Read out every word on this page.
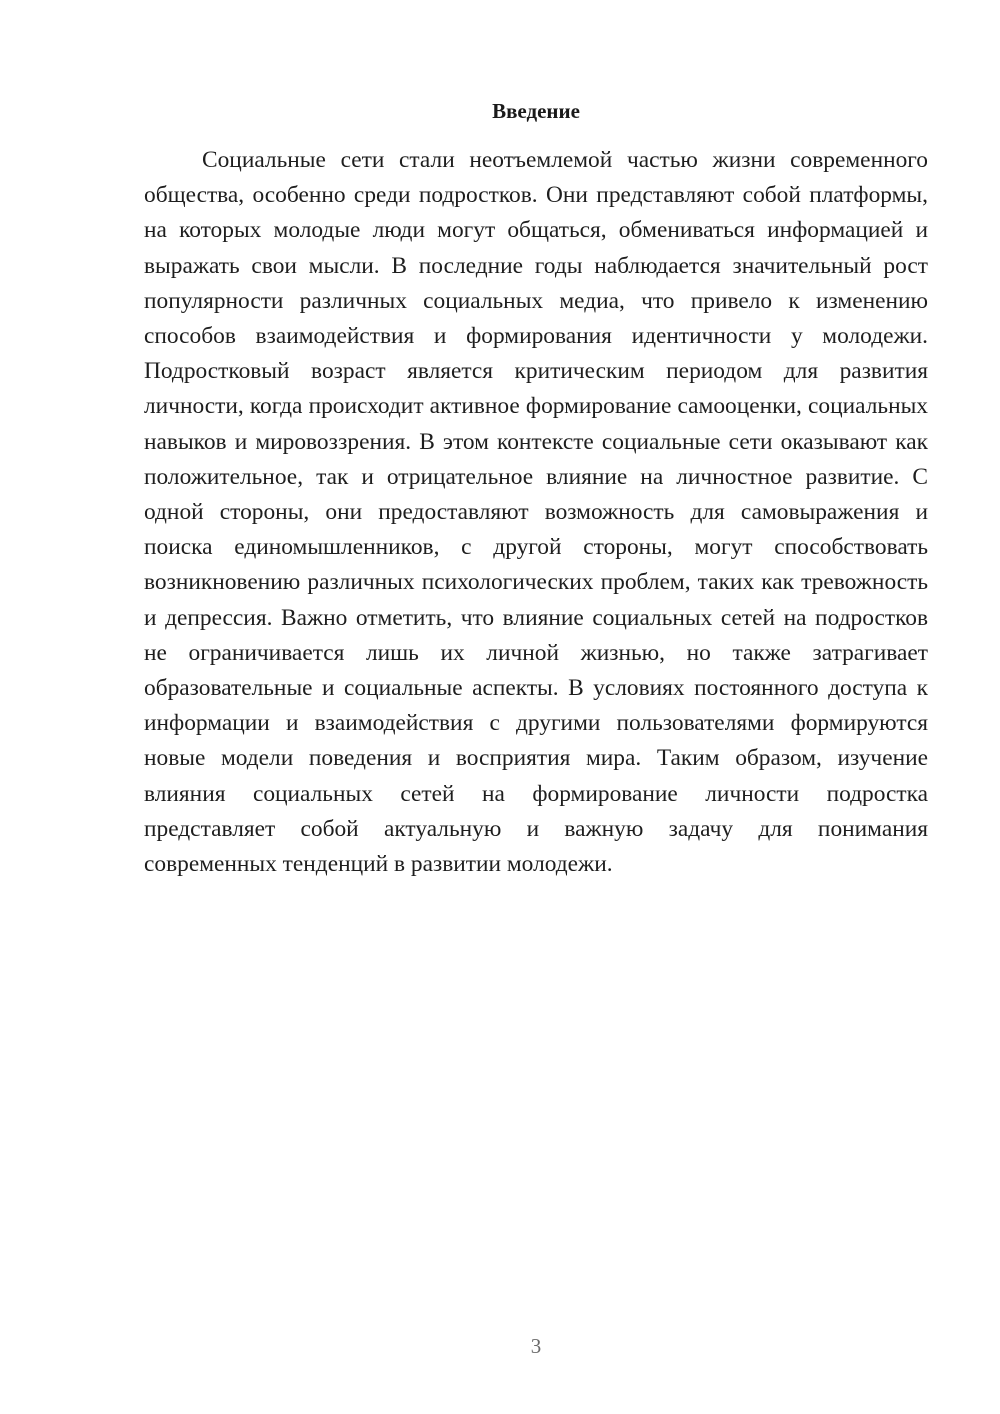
Введение

Социальные сети стали неотъемлемой частью жизни современного общества, особенно среди подростков. Они представляют собой платформы, на которых молодые люди могут общаться, обмениваться информацией и выражать свои мысли. В последние годы наблюдается значительный рост популярности различных социальных медиа, что привело к изменению способов взаимодействия и формирования идентичности у молодежи. Подростковый возраст является критическим периодом для развития личности, когда происходит активное формирование самооценки, социальных навыков и мировоззрения. В этом контексте социальные сети оказывают как положительное, так и отрицательное влияние на личностное развитие. С одной стороны, они предоставляют возможность для самовыражения и поиска единомышленников, с другой стороны, могут способствовать возникновению различных психологических проблем, таких как тревожность и депрессия. Важно отметить, что влияние социальных сетей на подростков не ограничивается лишь их личной жизнью, но также затрагивает образовательные и социальные аспекты. В условиях постоянного доступа к информации и взаимодействия с другими пользователями формируются новые модели поведения и восприятия мира. Таким образом, изучение влияния социальных сетей на формирование личности подростка представляет собой актуальную и важную задачу для понимания современных тенденций в развитии молодежи.

3
